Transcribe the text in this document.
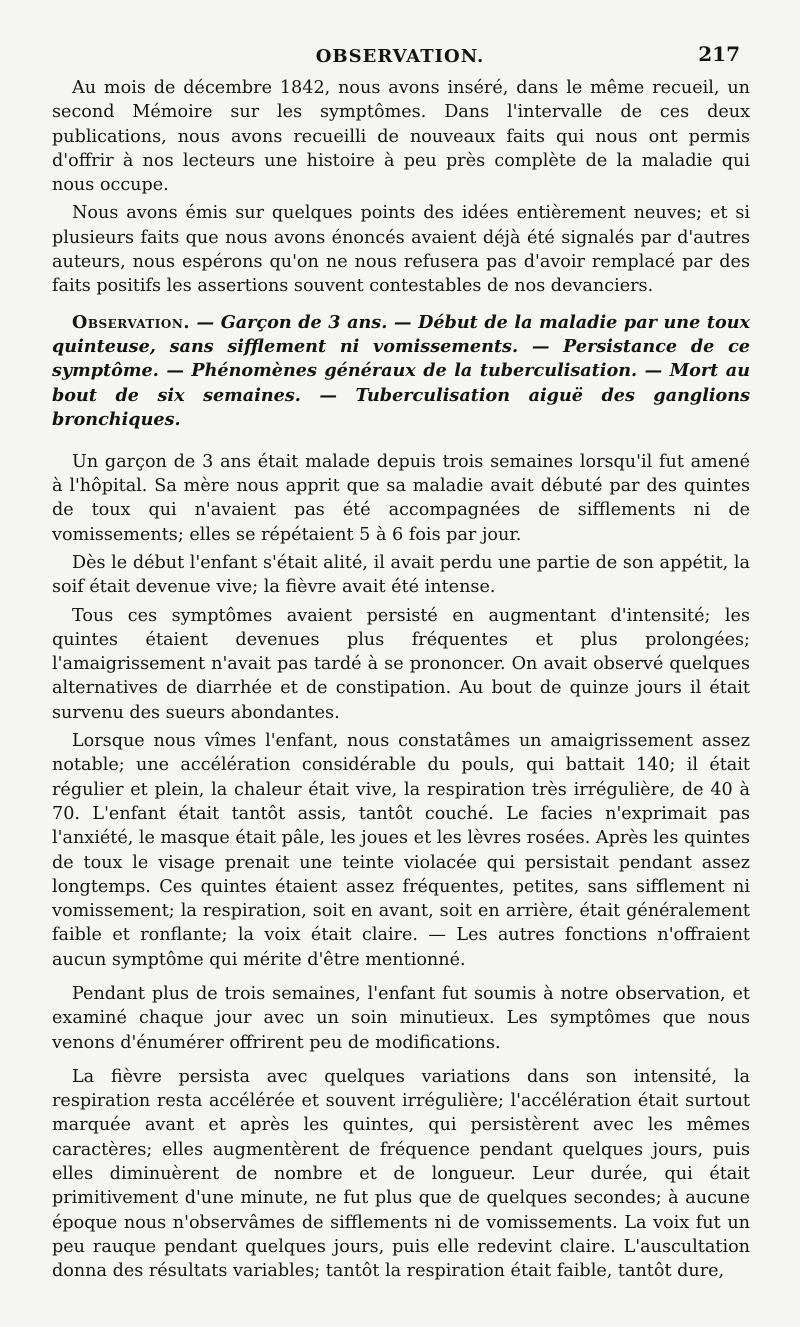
OBSERVATION.	217

Au mois de décembre 1842, nous avons inséré, dans le même recueil, un second Mémoire sur les symptômes. Dans l'intervalle de ces deux publications, nous avons recueilli de nouveaux faits qui nous ont permis d'offrir à nos lecteurs une histoire à peu près complète de la maladie qui nous occupe.

Nous avons émis sur quelques points des idées entièrement neuves; et si plusieurs faits que nous avons énoncés avaient déjà été signalés par d'autres auteurs, nous espérons qu'on ne nous refusera pas d'avoir remplacé par des faits positifs les assertions souvent contestables de nos devanciers.

Observation. — Garçon de 3 ans. — Début de la maladie par une toux quinteuse, sans sifflement ni vomissements. — Persistance de ce symptôme. — Phénomènes généraux de la tuberculisation. — Mort au bout de six semaines. — Tuberculisation aiguë des ganglions bronchiques.

Un garçon de 3 ans était malade depuis trois semaines lorsqu'il fut amené à l'hôpital. Sa mère nous apprit que sa maladie avait débuté par des quintes de toux qui n'avaient pas été accompagnées de sifflements ni de vomissements; elles se répétaient 5 à 6 fois par jour.

Dès le début l'enfant s'était alité, il avait perdu une partie de son appétit, la soif était devenue vive; la fièvre avait été intense.

Tous ces symptômes avaient persisté en augmentant d'intensité; les quintes étaient devenues plus fréquentes et plus prolongées; l'amaigrissement n'avait pas tardé à se prononcer. On avait observé quelques alternatives de diarrhée et de constipation. Au bout de quinze jours il était survenu des sueurs abondantes.

Lorsque nous vîmes l'enfant, nous constatâmes un amaigrissement assez notable; une accélération considérable du pouls, qui battait 140; il était régulier et plein, la chaleur était vive, la respiration très irrégulière, de 40 à 70. L'enfant était tantôt assis, tantôt couché. Le facies n'exprimait pas l'anxiété, le masque était pâle, les joues et les lèvres rosées. Après les quintes de toux le visage prenait une teinte violacée qui persistait pendant assez longtemps. Ces quintes étaient assez fréquentes, petites, sans sifflement ni vomissement; la respiration, soit en avant, soit en arrière, était généralement faible et ronflante; la voix était claire. — Les autres fonctions n'offraient aucun symptôme qui mérite d'être mentionné.

Pendant plus de trois semaines, l'enfant fut soumis à notre observation, et examiné chaque jour avec un soin minutieux. Les symptômes que nous venons d'énumérer offrirent peu de modifications.

La fièvre persista avec quelques variations dans son intensité, la respiration resta accélérée et souvent irrégulière; l'accélération était surtout marquée avant et après les quintes, qui persistèrent avec les mêmes caractères; elles augmentèrent de fréquence pendant quelques jours, puis elles diminuèrent de nombre et de longueur. Leur durée, qui était primitivement d'une minute, ne fut plus que de quelques secondes; à aucune époque nous n'observâmes de sifflements ni de vomissements. La voix fut un peu rauque pendant quelques jours, puis elle redevint claire. L'auscultation donna des résultats variables; tantôt la respiration était faible, tantôt dure,
